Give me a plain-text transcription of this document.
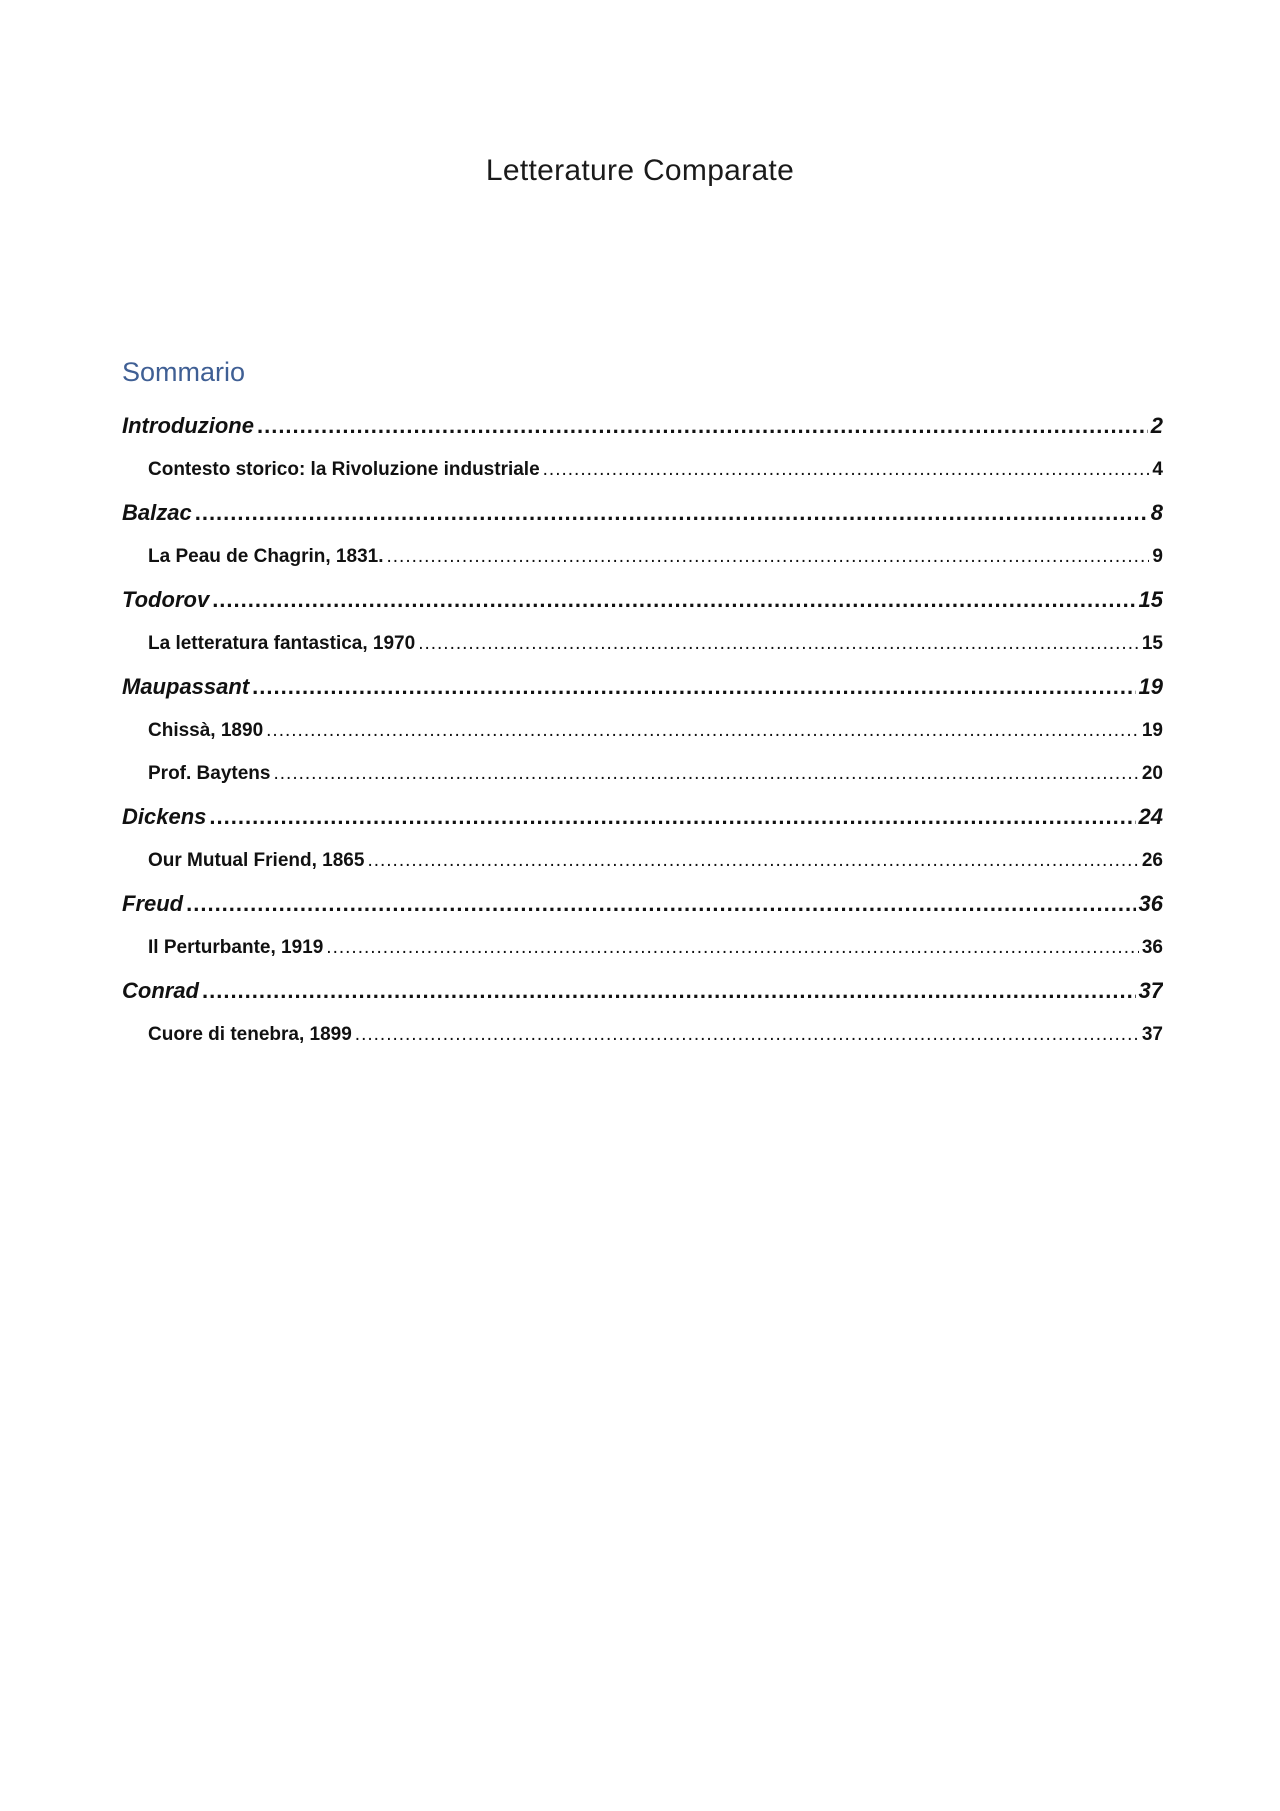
Letterature Comparate
Sommario
Introduzione .....	2
Contesto storico: la Rivoluzione industriale .....	4
Balzac .....	8
La Peau de Chagrin, 1831. .....	9
Todorov .....	15
La letteratura fantastica, 1970 .....	15
Maupassant .....	19
Chissà, 1890 .....	19
Prof. Baytens .....	20
Dickens .....	24
Our Mutual Friend, 1865 .....	26
Freud .....	36
Il Perturbante, 1919 .....	36
Conrad .....	37
Cuore di tenebra, 1899 .....	37
